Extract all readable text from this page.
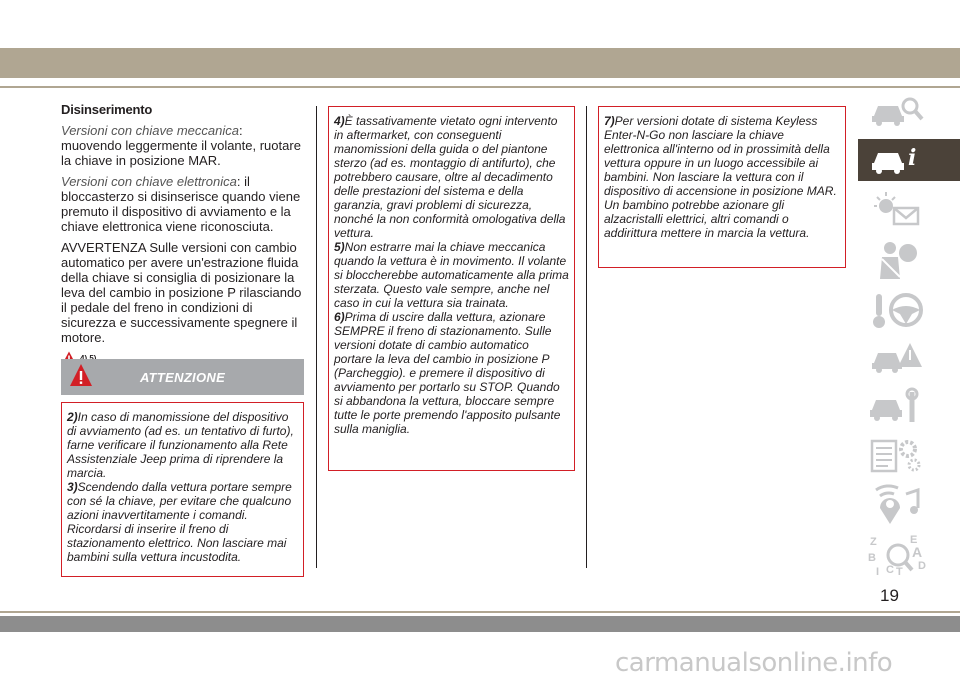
Disinserimento

Versioni con chiave meccanica: muovendo leggermente il volante, ruotare la chiave in posizione MAR.

Versioni con chiave elettronica: il bloccasterzo si disinserisce quando viene premuto il dispositivo di avviamento e la chiave elettronica viene riconosciuta.

AVVERTENZA Sulle versioni con cambio automatico per avere un'estrazione fluida della chiave si consiglia di posizionare la leva del cambio in posizione P rilasciando il pedale del freno in condizioni di sicurezza e successivamente spegnere il motore.

ATTENZIONE

2)In caso di manomissione del dispositivo di avviamento (ad es. un tentativo di furto), farne verificare il funzionamento alla Rete Assistenziale Jeep prima di riprendere la marcia.

3)Scendendo dalla vettura portare sempre con sé la chiave, per evitare che qualcuno azioni inavvertitamente i comandi. Ricordarsi di inserire il freno di stazionamento elettrico. Non lasciare mai bambini sulla vettura incustodita.

4)È tassativamente vietato ogni intervento in aftermarket, con conseguenti manomissioni della guida o del piantone sterzo (ad es. montaggio di antifurto), che potrebbero causare, oltre al decadimento delle prestazioni del sistema e della garanzia, gravi problemi di sicurezza, nonché la non conformità omologativa della vettura.

5)Non estrarre mai la chiave meccanica quando la vettura è in movimento. Il volante si bloccherebbe automaticamente alla prima sterzata. Questo vale sempre, anche nel caso in cui la vettura sia trainata.

6)Prima di uscire dalla vettura, azionare SEMPRE il freno di stazionamento. Sulle versioni dotate di cambio automatico portare la leva del cambio in posizione P (Parcheggio). e premere il dispositivo di avviamento per portarlo su STOP. Quando si abbandona la vettura, bloccare sempre tutte le porte premendo l'apposito pulsante sulla maniglia.

7)Per versioni dotate di sistema Keyless Enter-N-Go non lasciare la chiave elettronica all'interno od in prossimità della vettura oppure in un luogo accessibile ai bambini. Non lasciare la vettura con il dispositivo di accensione in posizione MAR. Un bambino potrebbe azionare gli alzacristalli elettrici, altri comandi o addirittura mettere in marcia la vettura.

i
Z	E
B	A
I C T D
19
carmanualsonline.info
